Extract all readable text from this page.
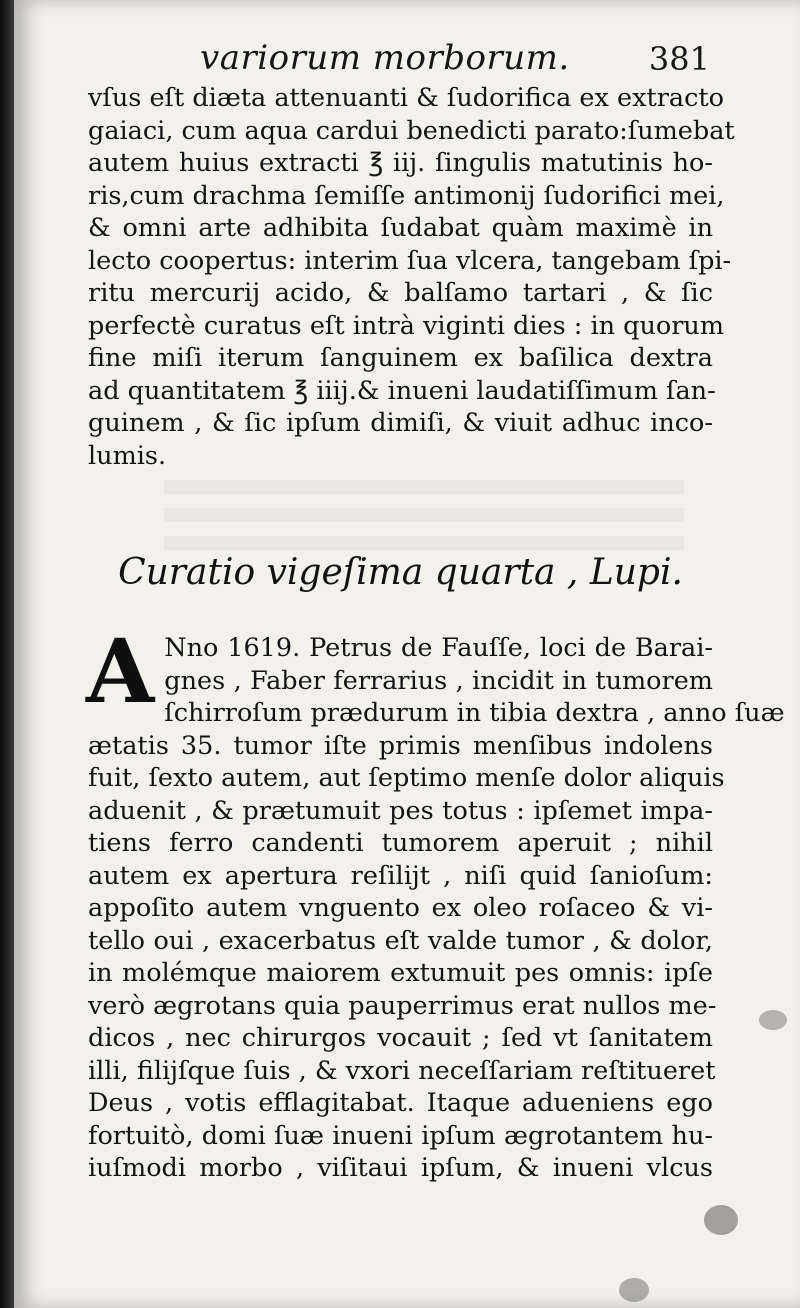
variorum morborum. 381
vſus eſt diæta attenuanti & ſudorifica ex extracto
gaiaci, cum aqua cardui benedicti parato:ſumebat
autem huius extracti ℥ iij. ſingulis matutinis ho-
ris,cum drachma ſemiſſe antimonij ſudorifici mei,
& omni arte adhibita ſudabat quàm maximè in
lecto coopertus: interim ſua vlcera, tangebam ſpi-
ritu mercurij acido, & balſamo tartari , & ſic
perfectè curatus eſt intrà viginti dies : in quorum
fine miſi iterum ſanguinem ex baſilica dextra
ad quantitatem ℥ iiij.& inueni laudatiſſimum ſan-
guinem , & ſic ipſum dimiſi, & viuit adhuc inco-
lumis.
Curatio vigeſima quarta , Lupi.
A Nno 1619. Petrus de Fauſſe, loci de Barai-
gnes , Faber ferrarius , incidit in tumorem
ſchirroſum prædurum in tibia dextra , anno ſuæ
ætatis 35. tumor iſte primis menſibus indolens
fuit, ſexto autem, aut ſeptimo menſe dolor aliquis
aduenit , & prætumuit pes totus : ipſemet impa-
tiens ferro candenti tumorem aperuit ; nihil
autem ex apertura reſilijt , niſi quid ſanioſum:
appoſito autem vnguento ex oleo roſaceo & vi-
tello oui , exacerbatus eſt valde tumor , & dolor,
in molémque maiorem extumuit pes omnis: ipſe
verò ægrotans quia pauperrimus erat nullos me-
dicos , nec chirurgos vocauit ; ſed vt ſanitatem
illi, filijſque ſuis , & vxori neceſſariam reſtitueret
Deus , votis efflagitabat. Itaque adueniens ego
fortuitò, domi ſuæ inueni ipſum ægrotantem hu-
iuſmodi morbo , viſitaui ipſum, & inueni vlcus
